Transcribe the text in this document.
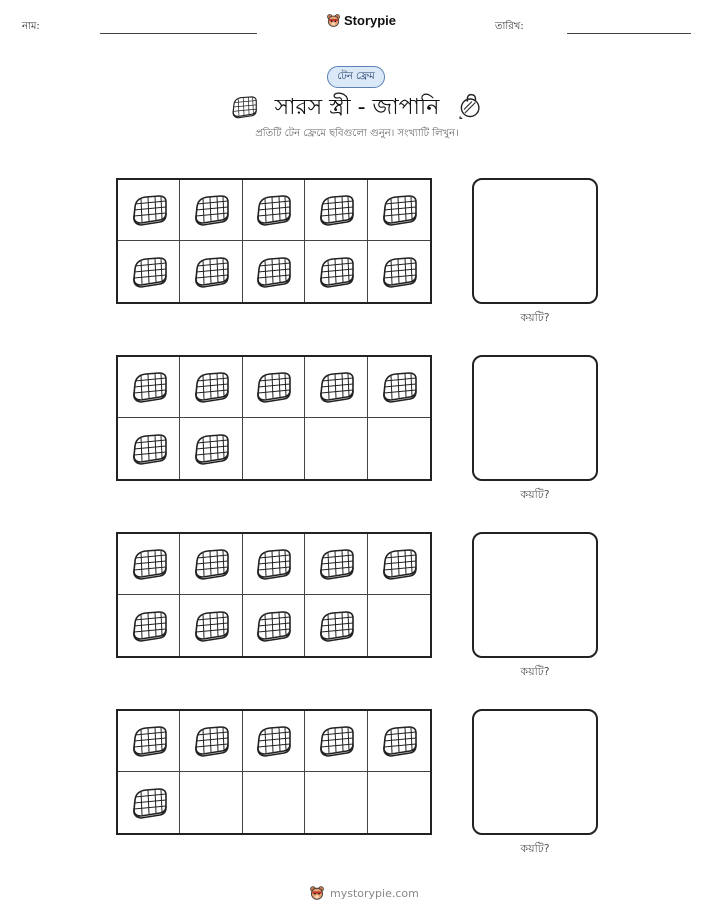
নাম:	Storypie	তারিখ:
টেন ফ্রেম
সারস স্ত্রী - জাপানি
প্রতিটি টেন ফ্রেমে ছবিগুলো গুনুন। সংখ্যাটি লিখুন।
কয়টি?
কয়টি?
কয়টি?
কয়টি?
mystorypie.com
